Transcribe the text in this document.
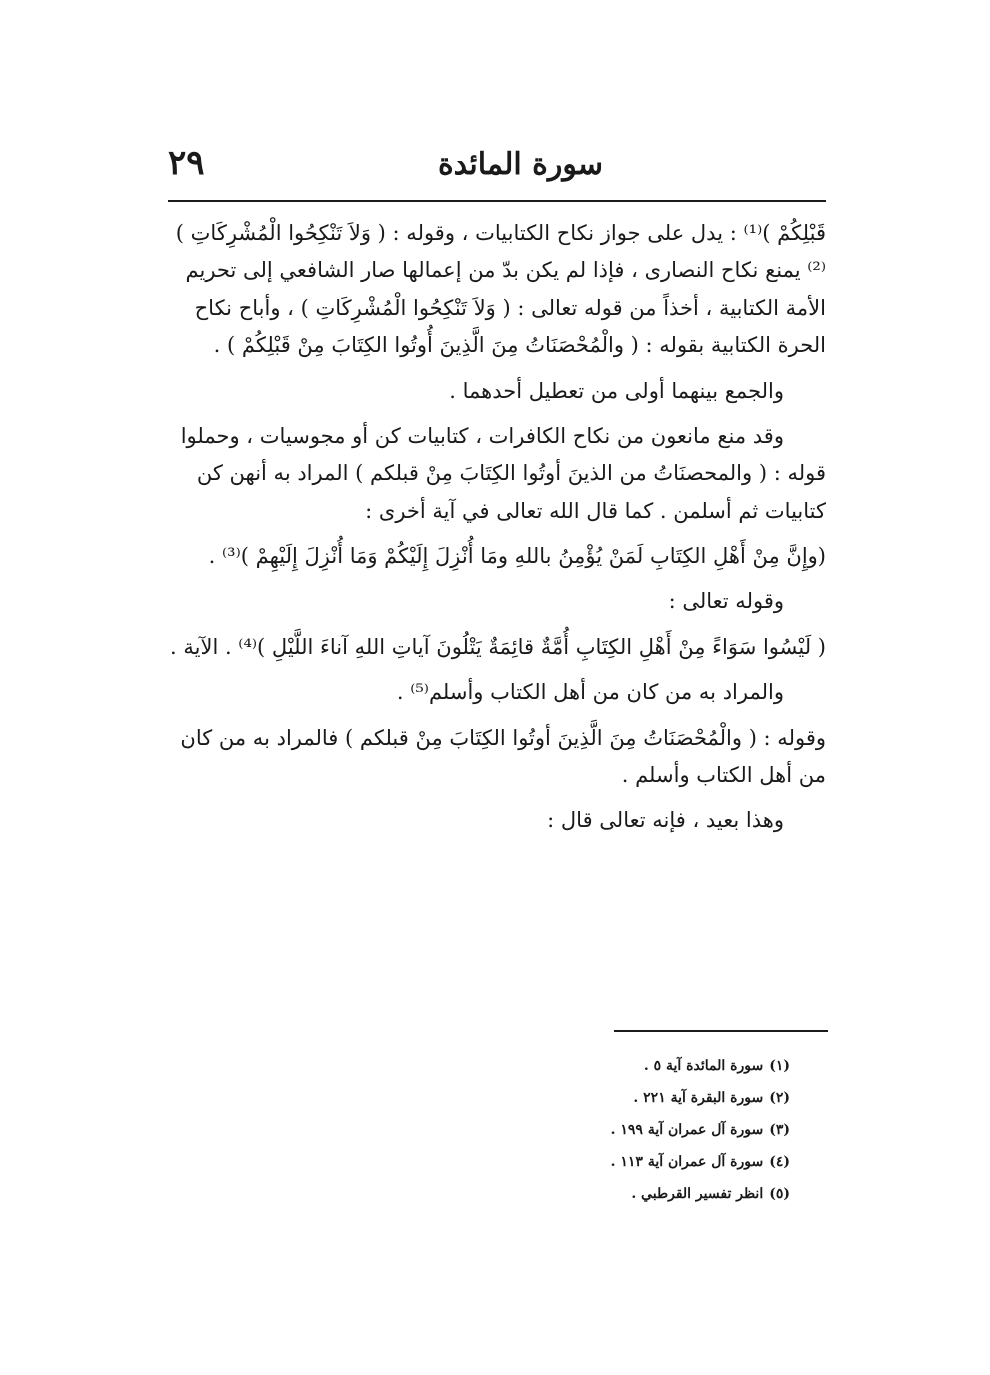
سورة المائدة
٢٩

قَبْلِكُمْ )⁽¹⁾ : يدل على جواز نكاح الكتابيات ، وقوله : ( وَلاَ تَنْكِحُوا الْمُشْرِكَاتِ )⁽²⁾ يمنع نكاح النصارى ، فإذا لم يكن بدّ من إعمالها صار الشافعي إلى تحريم الأمة الكتابية ، أخذاً من قوله تعالى : ( وَلاَ تَنْكِحُوا الْمُشْرِكَاتِ ) ، وأباح نكاح الحرة الكتابية بقوله : ( والْمُحْصَنَاتُ مِنَ الَّذِينَ أُوتُوا الكِتَابَ مِنْ قَبْلِكُمْ ) .

والجمع بينهما أولى من تعطيل أحدهما .

وقد منع مانعون من نكاح الكافرات ، كتابيات كن أو مجوسيات ، وحملوا قوله : ( والمحصنَاتُ من الذينَ أوتُوا الكِتَابَ مِنْ قبلكم ) المراد به أنهن كن كتابيات ثم أسلمن . كما قال الله تعالى في آية أخرى :

(وإِنَّ مِنْ أَهْلِ الكِتَابِ لَمَنْ يُؤْمِنُ باللهِ ومَا أُنْزِلَ إِلَيْكُمْ وَمَا أُنْزِلَ إِلَيْهِمْ )⁽³⁾ .

وقوله تعالى :

( لَيْسُوا سَوَاءً مِنْ أَهْلِ الكِتَابِ أُمَّةٌ قائِمَةٌ يَتْلُونَ آياتِ اللهِ آناءَ اللَّيْلِ )⁽⁴⁾ . الآية .

والمراد به من كان من أهل الكتاب وأسلم⁽⁵⁾ .

وقوله : ( والْمُحْصَنَاتُ مِنَ الَّذِينَ أوتُوا الكِتَابَ مِنْ قبلكم ) فالمراد به من كان من أهل الكتاب وأسلم .

وهذا بعيد ، فإنه تعالى قال :

(١)سورة المائدة آية ٥ .
(٢)سورة البقرة آية ٢٢١ .
(٣)سورة آل عمران آية ١٩٩ .
(٤)سورة آل عمران آية ١١٣ .
(٥)انظر تفسير القرطبي .
